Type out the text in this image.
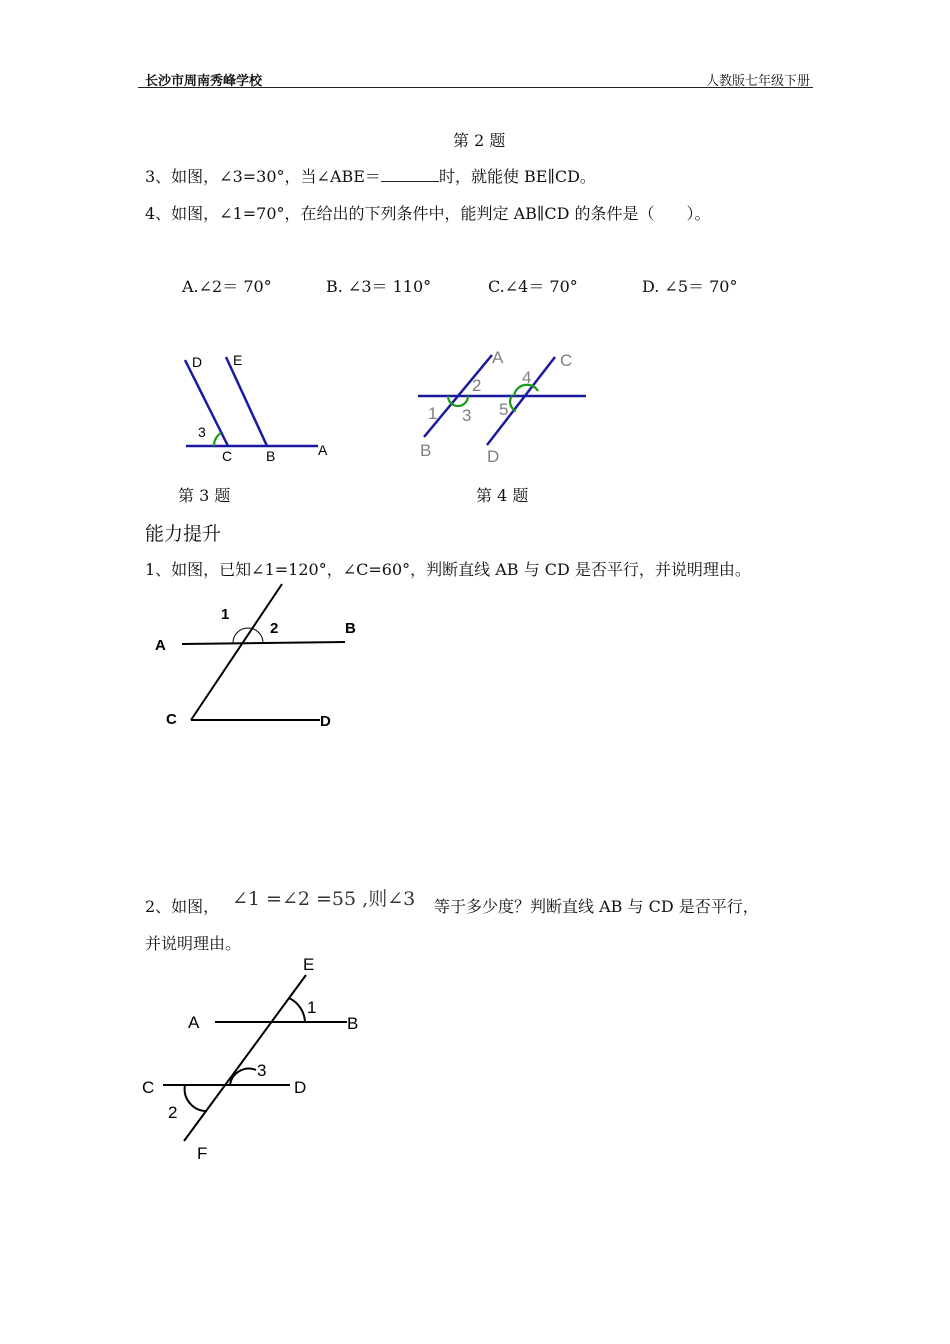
长沙市周南秀峰学校	人教版七年级下册
第 2 题
3、如图，∠3=30°，当∠ABE＝	时，就能使 BE∥CD。
4、如图，∠1=70°，在给出的下列条件中，能判定 AB∥CD 的条件是（　　）。
A.∠2＝ 70°	B. ∠3＝ 110°	C.∠4＝ 70°	D. ∠5＝ 70°
D E
3
C B	A
第 3 题
A	C
2 4
1 3 5
B	D
第 4 题
能力提升
1、如图，已知∠1=120°，∠C=60°，判断直线 AB 与 CD 是否平行，并说明理由。
1
2
A
B
C	D
2、如图， ∠1 =∠2 =55 ,则∠3 等于多少度？判断直线 AB 与 CD 是否平行，
并说明理由。
E
A
1
B
3
C	D
2
F
